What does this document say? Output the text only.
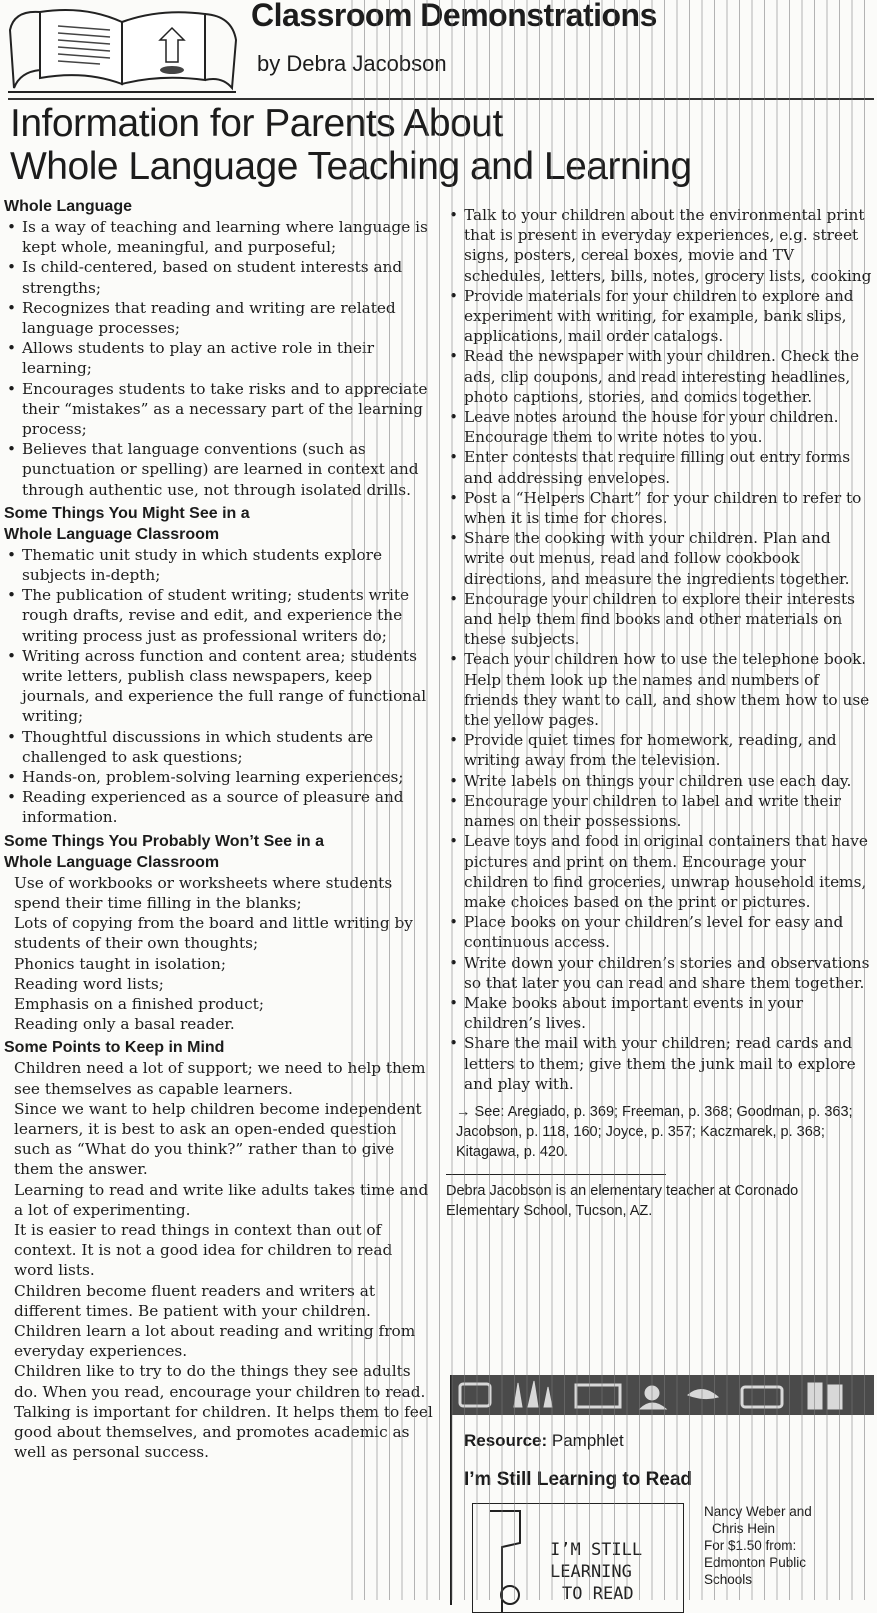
Classroom Demonstrations
by Debra Jacobson
Information for Parents About
Whole Language Teaching and Learning
Whole Language
• Is a way of teaching and learning where language is kept whole, meaningful, and purposeful;
• Is child-centered, based on student interests and strengths;
• Recognizes that reading and writing are related language processes;
• Allows students to play an active role in their learning;
• Encourages students to take risks and to appreciate their “mistakes” as a necessary part of the learning process;
• Believes that language conventions (such as punctuation or spelling) are learned in context and through authentic use, not through isolated drills.
Some Things You Might See in a
Whole Language Classroom
• Thematic unit study in which students explore subjects in-depth;
• The publication of student writing; students write rough drafts, revise and edit, and experience the writing process just as professional writers do;
• Writing across function and content area; students write letters, publish class newspapers, keep journals, and experience the full range of functional writing;
• Thoughtful discussions in which students are challenged to ask questions;
• Hands-on, problem-solving learning experiences;
• Reading experienced as a source of pleasure and information.
Some Things You Probably Won’t See in a
Whole Language Classroom
Use of workbooks or worksheets where students spend their time filling in the blanks;
Lots of copying from the board and little writing by students of their own thoughts;
Phonics taught in isolation;
Reading word lists;
Emphasis on a finished product;
Reading only a basal reader.
Some Points to Keep in Mind
Children need a lot of support; we need to help them see themselves as capable learners.
Since we want to help children become independent learners, it is best to ask an open-ended question such as “What do you think?” rather than to give them the answer.
Learning to read and write like adults takes time and a lot of experimenting.
It is easier to read things in context than out of context. It is not a good idea for children to read word lists.
Children become fluent readers and writers at different times. Be patient with your children.
Children learn a lot about reading and writing from everyday experiences.
Children like to try to do the things they see adults do. When you read, encourage your children to read.
Talking is important for children. It helps them to feel good about themselves, and promotes academic as well as personal success.
• Talk to your children about the environmental print that is present in everyday experiences, e.g. street signs, posters, cereal boxes, movie and TV schedules, letters, bills, notes, grocery lists, cooking
• Provide materials for your children to explore and experiment with writing, for example, bank slips, applications, mail order catalogs.
• Read the newspaper with your children. Check the ads, clip coupons, and read interesting headlines, photo captions, stories, and comics together.
• Leave notes around the house for your children. Encourage them to write notes to you.
• Enter contests that require filling out entry forms and addressing envelopes.
• Post a “Helpers Chart” for your children to refer to when it is time for chores.
• Share the cooking with your children. Plan and write out menus, read and follow cookbook directions, and measure the ingredients together.
• Encourage your children to explore their interests and help them find books and other materials on these subjects.
• Teach your children how to use the telephone book. Help them look up the names and numbers of friends they want to call, and show them how to use the yellow pages.
• Provide quiet times for homework, reading, and writing away from the television.
• Write labels on things your children use each day.
• Encourage your children to label and write their names on their possessions.
• Leave toys and food in original containers that have pictures and print on them. Encourage your children to find groceries, unwrap household items, make choices based on the print or pictures.
• Place books on your children’s level for easy and continuous access.
• Write down your children’s stories and observations so that later you can read and share them together.
• Make books about important events in your children’s lives.
• Share the mail with your children; read cards and letters to them; give them the junk mail to explore and play with.
→ See: Aregiado, p. 369; Freeman, p. 368; Goodman, p. 363; Jacobson, p. 118, 160; Joyce, p. 357; Kaczmarek, p. 368; Kitagawa, p. 420.
Debra Jacobson is an elementary teacher at Coronado Elementary School, Tucson, AZ.
Resource: Pamphlet
I’m Still Learning to Read
I’M STILL
LEARNING
TO READ
Nancy Weber and
Chris Hein
For $1.50 from:
Edmonton Public
Schools
